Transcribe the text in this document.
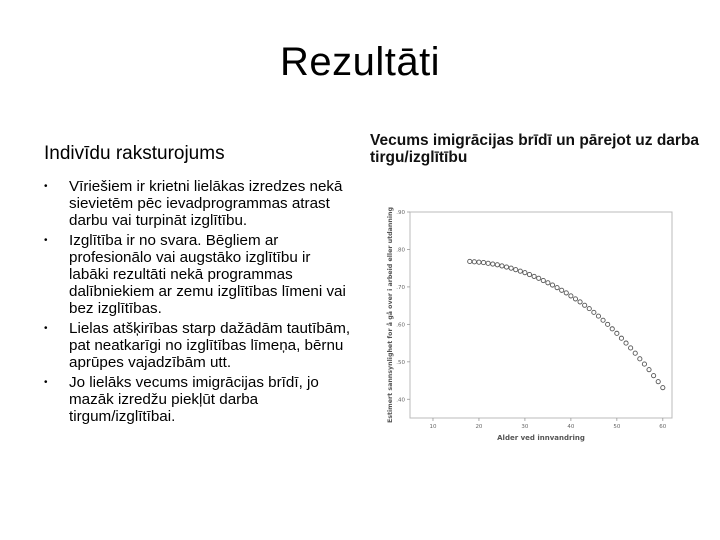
Rezultāti
Indivīdu raksturojums
• Vīriešiem ir krietni lielākas izredzes nekā sievietēm pēc ievadprogrammas atrast darbu vai turpināt izglītību.
• Izglītība ir no svara. Bēgliem ar profesionālo vai augstāko izglītību ir labāki rezultāti nekā programmas dalībniekiem ar zemu izglītības līmeni vai bez izglītības.
• Lielas atšķirības starp dažādām tautībām, pat neatkarīgi no izglītības līmeņa, bērnu aprūpes vajadzībām utt.
• Jo lielāks vecums imigrācijas brīdī, jo mazāk izredžu piekļūt darba tirgum/izglītībai.
Vecums imigrācijas brīdī un pārejot uz darba tirgu/izglītību
Estimert sannsynlighet for å gå over i arbeid eller utdanning
Alder ved innvandring
10	20	30	40	50	60
.40
.50
.60
.70
.80
.90
